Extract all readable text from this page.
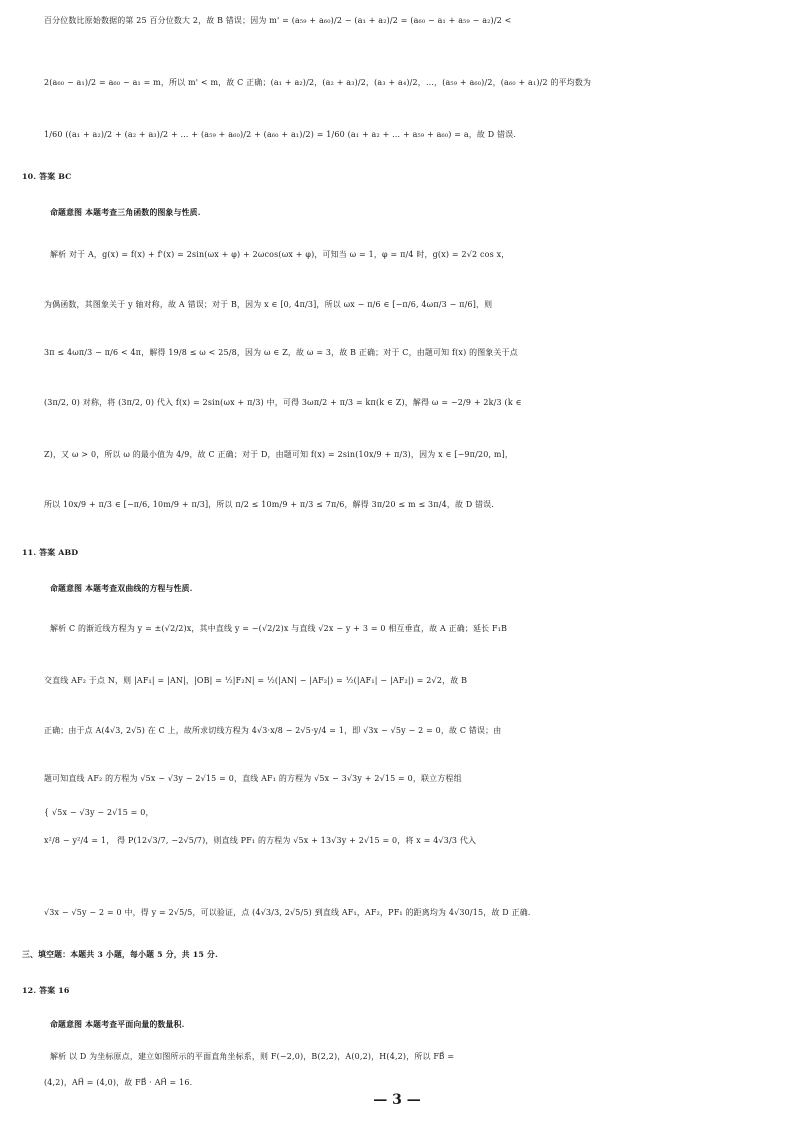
百分位数比原始数据的第 25 百分位数大 2，故 B 错误；因为 m' = (a₅₉ + a₆₀)/2 − (a₁ + a₂)/2 = (a₆₀ − a₁ + a₅₉ − a₂)/2 <
2(a₆₀ − a₁)/2 = a₆₀ − a₁ = m，所以 m' < m，故 C 正确；(a₁ + a₂)/2，(a₂ + a₃)/2，(a₃ + a₄)/2，…，(a₅₉ + a₆₀)/2，(a₆₀ + a₁)/2 的平均数为
1/60 ((a₁ + a₂)/2 + (a₂ + a₃)/2 + … + (a₅₉ + a₆₀)/2 + (a₆₀ + a₁)/2) = 1/60 (a₁ + a₂ + … + a₅₉ + a₆₀) = a，故 D 错误.
10. 答案 BC
命题意图 本题考查三角函数的图象与性质.
解析 对于 A，g(x) = f(x) + f'(x) = 2sin(ωx + φ) + 2ωcos(ωx + φ)，可知当 ω = 1，φ = π/4 时，g(x) = 2√2 cos x，
为偶函数，其图象关于 y 轴对称，故 A 错误；对于 B，因为 x ∈ [0, 4π/3]，所以 ωx − π/6 ∈ [−π/6, 4ωπ/3 − π/6]，则
3π ≤ 4ωπ/3 − π/6 < 4π，解得 19/8 ≤ ω < 25/8，因为 ω ∈ Z，故 ω = 3，故 B 正确；对于 C，由题可知 f(x) 的图象关于点
(3π/2, 0) 对称，将 (3π/2, 0) 代入 f(x) = 2sin(ωx + π/3) 中，可得 3ωπ/2 + π/3 = kπ(k ∈ Z)，解得 ω = −2/9 + 2k/3 (k ∈
Z)，又 ω > 0，所以 ω 的最小值为 4/9，故 C 正确；对于 D，由题可知 f(x) = 2sin(10x/9 + π/3)，因为 x ∈ [−9π/20, m]，
所以 10x/9 + π/3 ∈ [−π/6, 10m/9 + π/3]，所以 π/2 ≤ 10m/9 + π/3 ≤ 7π/6，解得 3π/20 ≤ m ≤ 3π/4，故 D 错误.
11. 答案 ABD
命题意图 本题考查双曲线的方程与性质.
解析 C 的渐近线方程为 y = ±(√2/2)x，其中直线 y = −(√2/2)x 与直线 √2x − y + 3 = 0 相互垂直，故 A 正确；延长 F₁B
交直线 AF₂ 于点 N，则 |AF₁| = |AN|，|OB| = ½|F₂N| = ½(|AN| − |AF₂|) = ½(|AF₁| − |AF₂|) = 2√2，故 B
正确；由于点 A(4√3, 2√5) 在 C 上，故所求切线方程为 4√3·x/8 − 2√5·y/4 = 1，即 √3x − √5y − 2 = 0，故 C 错误；由
题可知直线 AF₂ 的方程为 √5x − √3y − 2√15 = 0，直线 AF₁ 的方程为 √5x − 3√3y + 2√15 = 0，联立方程组
{ √5x − √3y − 2√15 = 0，
x²/8 − y²/4 = 1， 得 P(12√3/7, −2√5/7)，则直线 PF₁ 的方程为 √5x + 13√3y + 2√15 = 0，将 x = 4√3/3 代入
√3x − √5y − 2 = 0 中，得 y = 2√5/5，可以验证，点 (4√3/3, 2√5/5) 到直线 AF₁，AF₂，PF₁ 的距离均为 4√30/15，故 D 正确.
三、填空题：本题共 3 小题，每小题 5 分，共 15 分.
12. 答案 16
命题意图 本题考查平面向量的数量积.
解析 以 D 为坐标原点，建立如图所示的平面直角坐标系，则 F(−2,0)，B(2,2)，A(0,2)，H(4,2)，所以 FB⃗ =
(4,2)，AH⃗ = (4,0)，故 FB⃗ · AH⃗ = 16.
— 3 —
